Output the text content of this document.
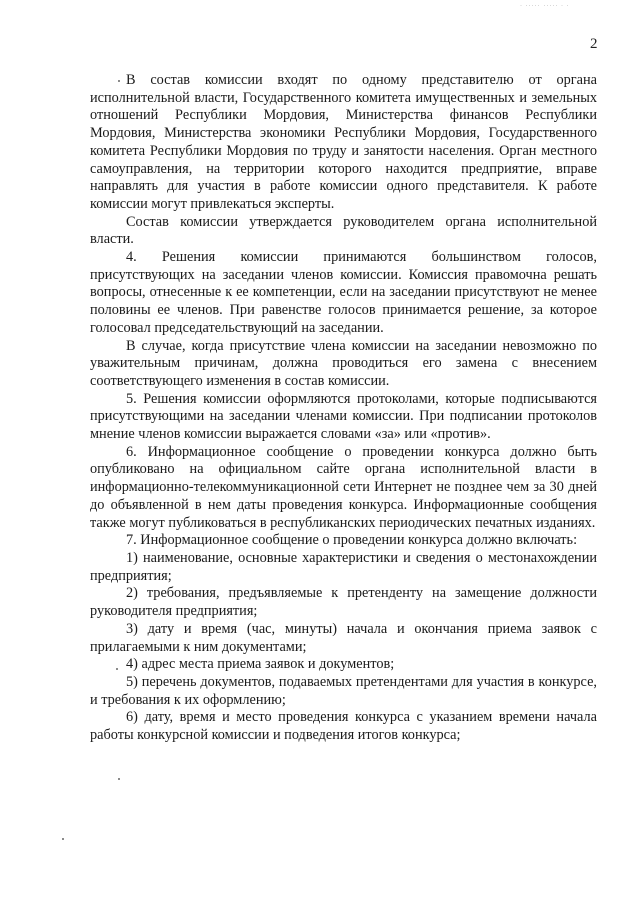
· ····· ····· · ·
2

В состав комиссии входят по одному представителю от органа исполнительной власти, Государственного комитета имущественных и земельных отношений Республики Мордовия, Министерства финансов Республики Мордовия, Министерства экономики Республики Мордовия, Государственного комитета Республики Мордовия по труду и занятости населения. Орган местного самоуправления, на территории которого находится предприятие, вправе направлять для участия в работе комиссии одного представителя. К работе комиссии могут привлекаться эксперты.

Состав комиссии утверждается руководителем органа исполнительной власти.

4. Решения комиссии принимаются большинством голосов, присутствующих на заседании членов комиссии. Комиссия правомочна решать вопросы, отнесенные к ее компетенции, если на заседании присутствуют не менее половины ее членов. При равенстве голосов принимается решение, за которое голосовал председательствующий на заседании.

В случае, когда присутствие члена комиссии на заседании невозможно по уважительным причинам, должна проводиться его замена с внесением соответствующего изменения в состав комиссии.

5. Решения комиссии оформляются протоколами, которые подписываются присутствующими на заседании членами комиссии. При подписании протоколов мнение членов комиссии выражается словами «за» или «против».

6. Информационное сообщение о проведении конкурса должно быть опубликовано на официальном сайте органа исполнительной власти в информационно-телекоммуникационной сети Интернет не позднее чем за 30 дней до объявленной в нем даты проведения конкурса. Информационные сообщения также могут публиковаться в республиканских периодических печатных изданиях.

7. Информационное сообщение о проведении конкурса должно включать:

1) наименование, основные характеристики и сведения о местонахождении предприятия;

2) требования, предъявляемые к претенденту на замещение должности руководителя предприятия;

3) дату и время (час, минуты) начала и окончания приема заявок с прилагаемыми к ним документами;

4) адрес места приема заявок и документов;

5) перечень документов, подаваемых претендентами для участия в конкурсе, и требования к их оформлению;

6) дату, время и место проведения конкурса с указанием времени начала работы конкурсной комиссии и подведения итогов конкурса;
